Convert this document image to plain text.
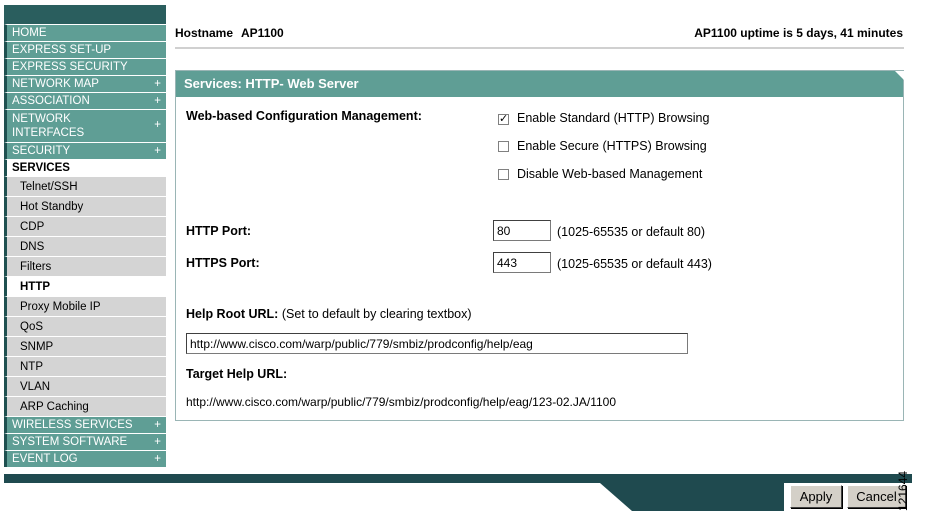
HOME
EXPRESS SET-UP
EXPRESS SECURITY
NETWORK MAP	+
ASSOCIATION	+
NETWORK
INTERFACES
+
SECURITY	+
SERVICES
Telnet/SSH
Hot Standby
CDP
DNS
Filters
HTTP
Proxy Mobile IP
QoS
SNMP
NTP
VLAN
ARP Caching
WIRELESS SERVICES +
SYSTEM SOFTWARE +
EVENT LOG	+
Hostname AP1100	AP1100 uptime is 5 days, 41 minutes
Services: HTTP- Web Server
Web-based Configuration Management:	✓ Enable Standard (HTTP) Browsing
Enable Secure (HTTPS) Browsing
Disable Web-based Management
HTTP Port:
80	(1025-65535 or default 80)
HTTPS Port:
443	(1025-65535 or default 443)
Help Root URL: (Set to default by clearing textbox)
http://www.cisco.com/warp/public/779/smbiz/prodconfig/help/eag
Target Help URL:
http://www.cisco.com/warp/public/779/smbiz/prodconfig/help/eag/123-02.JA/1100
Apply	Cancel 121644
